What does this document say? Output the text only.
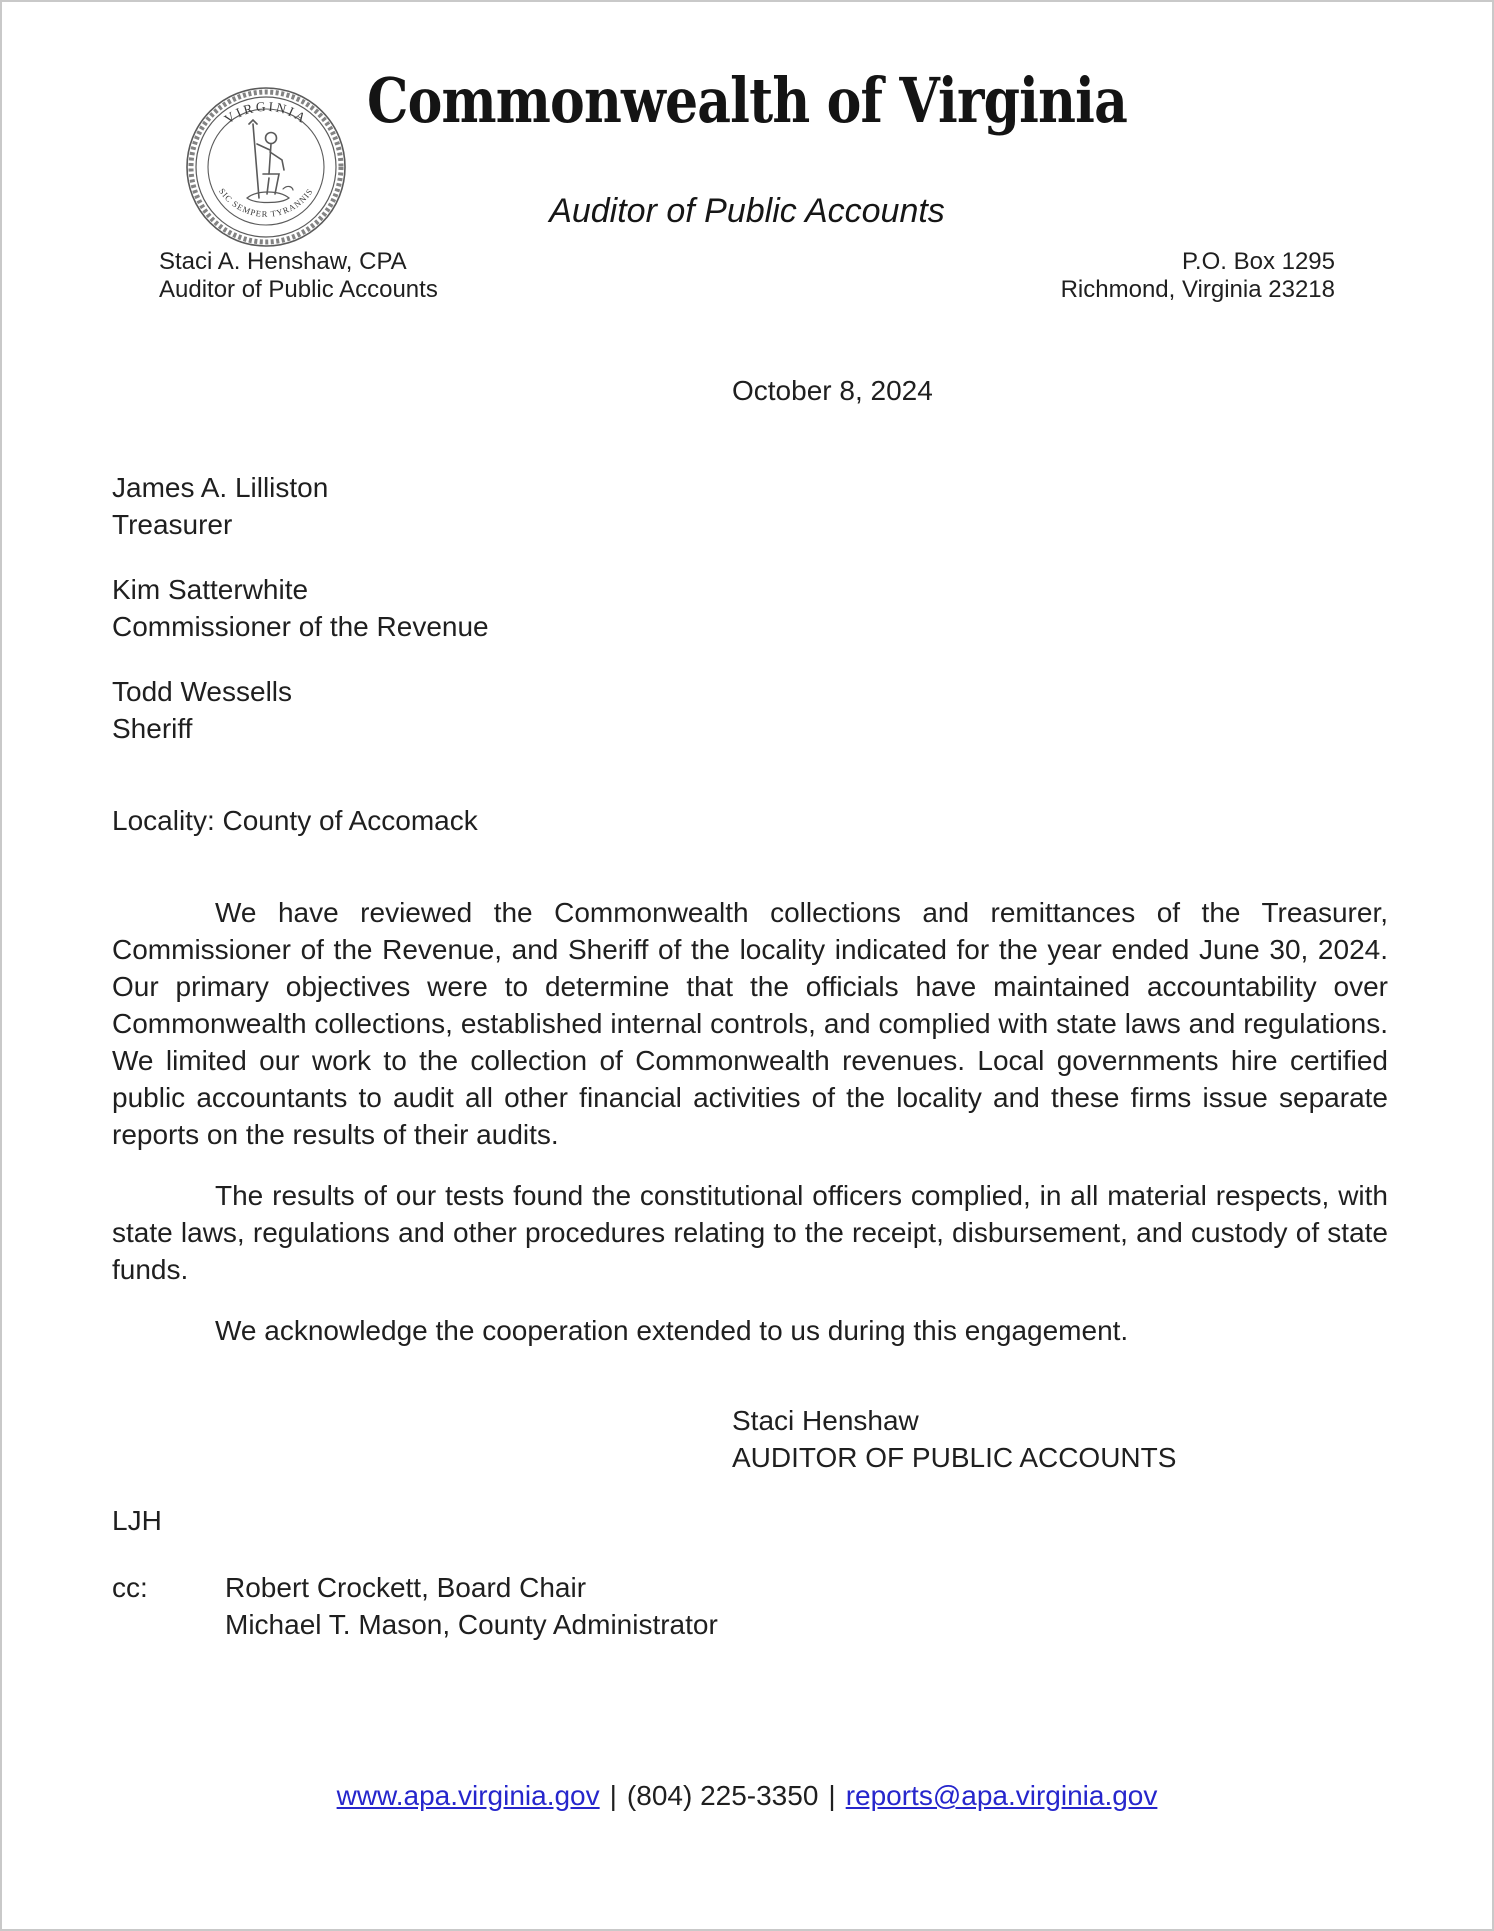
VIRGINIA
SIC SEMPER TYRANNIS
Commonwealth of Virginia
Auditor of Public Accounts
Staci A. Henshaw, CPA
Auditor of Public Accounts
P.O. Box 1295
Richmond, Virginia 23218
October 8, 2024
James A. Lilliston
Treasurer
Kim Satterwhite
Commissioner of the Revenue
Todd Wessells
Sheriff
Locality: County of Accomack

We have reviewed the Commonwealth collections and remittances of the Treasurer, Commissioner of the Revenue, and Sheriff of the locality indicated for the year ended June 30, 2024. Our primary objectives were to determine that the officials have maintained accountability over Commonwealth collections, established internal controls, and complied with state laws and regulations. We limited our work to the collection of Commonwealth revenues. Local governments hire certified public accountants to audit all other financial activities of the locality and these firms issue separate reports on the results of their audits.

The results of our tests found the constitutional officers complied, in all material respects, with state laws, regulations and other procedures relating to the receipt, disbursement, and custody of state funds.

We acknowledge the cooperation extended to us during this engagement.

Staci Henshaw
AUDITOR OF PUBLIC ACCOUNTS
LJH
cc:	Robert Crockett, Board Chair
Michael T. Mason, County Administrator
www.apa.virginia.gov | (804) 225-3350 | reports@apa.virginia.gov
